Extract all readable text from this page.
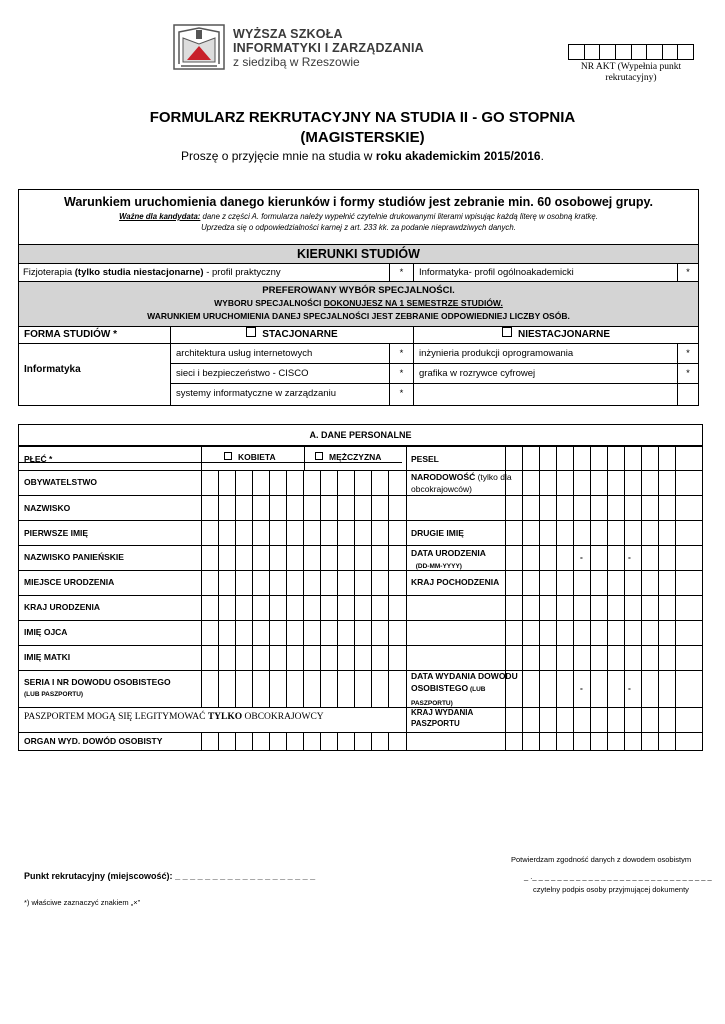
WYŻSZA SZKOŁA
INFORMATYKI I ZARZĄDZANIA
z siedzibą w Rzeszowie	NR AKT (Wypełnia punkt rekrutacyjny)
FORMULARZ REKRUTACYJNY NA STUDIA II - GO STOPNIA
(MAGISTERSKIE)
Proszę o przyjęcie mnie na studia w roku akademickim 2015/2016.
Warunkiem uruchomienia danego kierunków i formy studiów jest zebranie min. 60 osobowej grupy.
Ważne dla kandydata: dane z części A. formularza należy wypełnić czytelnie drukowanymi literami wpisując każdą literę w osobną kratkę.
Uprzedza się o odpowiedzialności karnej z art. 233 kk. za podanie nieprawdziwych danych.
KIERUNKI STUDIÓW
Fizjoterapia (tylko studia niestacjonarne) - profil praktyczny	*	Informatyka- profil ogólnoakademicki	*
PREFEROWANY WYBÓR SPECJALNOŚCI.
WYBORU SPECJALNOŚCI DOKONUJESZ NA 1 SEMESTRZE STUDIÓW.
WARUNKIEM URUCHOMIENIA DANEJ SPECJALNOŚCI JEST ZEBRANIE ODPOWIEDNIEJ LICZBY OSÓB.
FORMA STUDIÓW *	STACJONARNE	NIESTACJONARNE
Informatyka
architektura usług internetowych	*	inżynieria produkcji oprogramowania	*
sieci i bezpieczeństwo - CISCO	*	grafika w rozrywce cyfrowej	*
systemy informatyczne w zarządzaniu	*
A. DANE PERSONALNE
PŁEĆ *	KOBIETA	MĘŻCZYZNA	PESEL
OBYWATELSTWO	NARODOWOŚĆ (tylko dla
obcokrajowców)
NAZWISKO
PIERWSZE IMIĘ	DRUGIE IMIĘ
NAZWISKO PANIEŃSKIE	DATA URODZENIA
(DD-MM-YYYY)
-	-
MIEJSCE URODZENIA	KRAJ POCHODZENIA
KRAJ URODZENIA
IMIĘ OJCA
IMIĘ MATKI
SERIA I NR DOWODU OSOBISTEGO
(LUB PASZPORTU)
DATA WYDANIA DOWODU
OSOBISTEGO (LUB
PASZPORTU)
-	-
PASZPORTEM MOGĄ SIĘ LEGITYMOWAĆ TYLKO OBCOKRAJOWCY	KRAJ WYDANIA
PASZPORTU
ORGAN WYD. DOWÓD OSOBISTY
Potwierdzam zgodność danych z dowodem osobistym
Punkt rekrutacyjny (miejscowość): _ _ _ _ _ _ _ _ _ _ _ _ _ _ _ _ _ _ _	_ ._ _ _ _ _ _ _ _ _ _ _ _ _ _ _ _ _ _ _ _ _ _ _ _ _ _ _ _ _
czytelny podpis osoby przyjmującej dokumenty
*) właściwe zaznaczyć znakiem „×”
